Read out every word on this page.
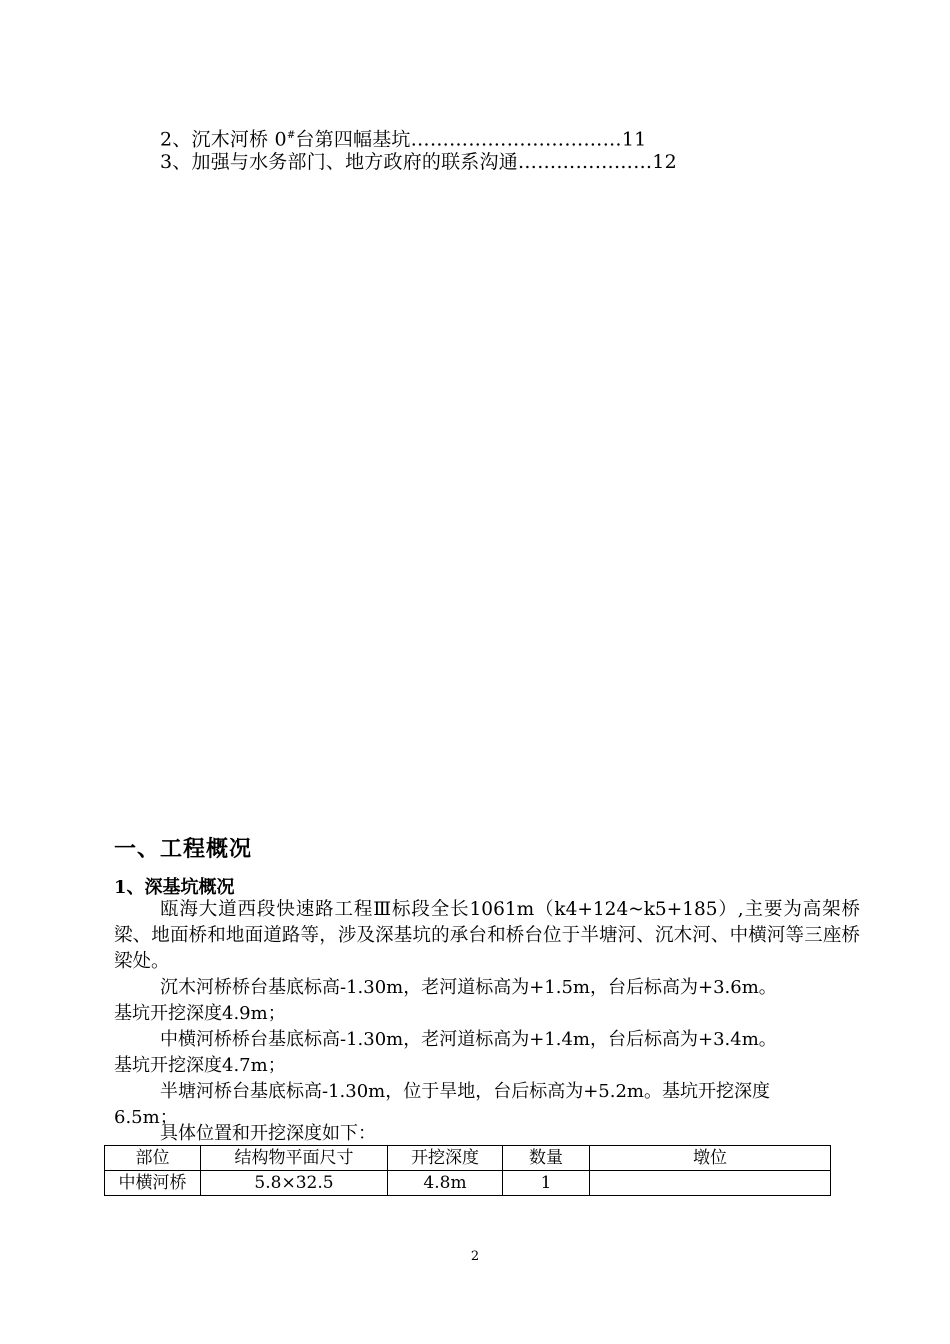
2、沉木河桥 0#台第四幅基坑……………………………11
3、加强与水务部门、地方政府的联系沟通…………………12
一、工程概况
1、深基坑概况
瓯海大道西段快速路工程Ⅲ标段全长1061m（k4+124~k5+185）,主要为高架桥梁、地面桥和地面道路等，涉及深基坑的承台和桥台位于半塘河、沉木河、中横河等三座桥梁处。
沉木河桥桥台基底标高-1.30m，老河道标高为+1.5m，台后标高为+3.6m。
基坑开挖深度4.9m；
中横河桥桥台基底标高-1.30m，老河道标高为+1.4m，台后标高为+3.4m。
基坑开挖深度4.7m；
半塘河桥台基底标高-1.30m，位于旱地，台后标高为+5.2m。基坑开挖深度
6.5m；
具体位置和开挖深度如下：
部位	结构物平面尺寸	开挖深度	数量	墩位
中横河桥	5.8×32.5	4.8m	1	
2
